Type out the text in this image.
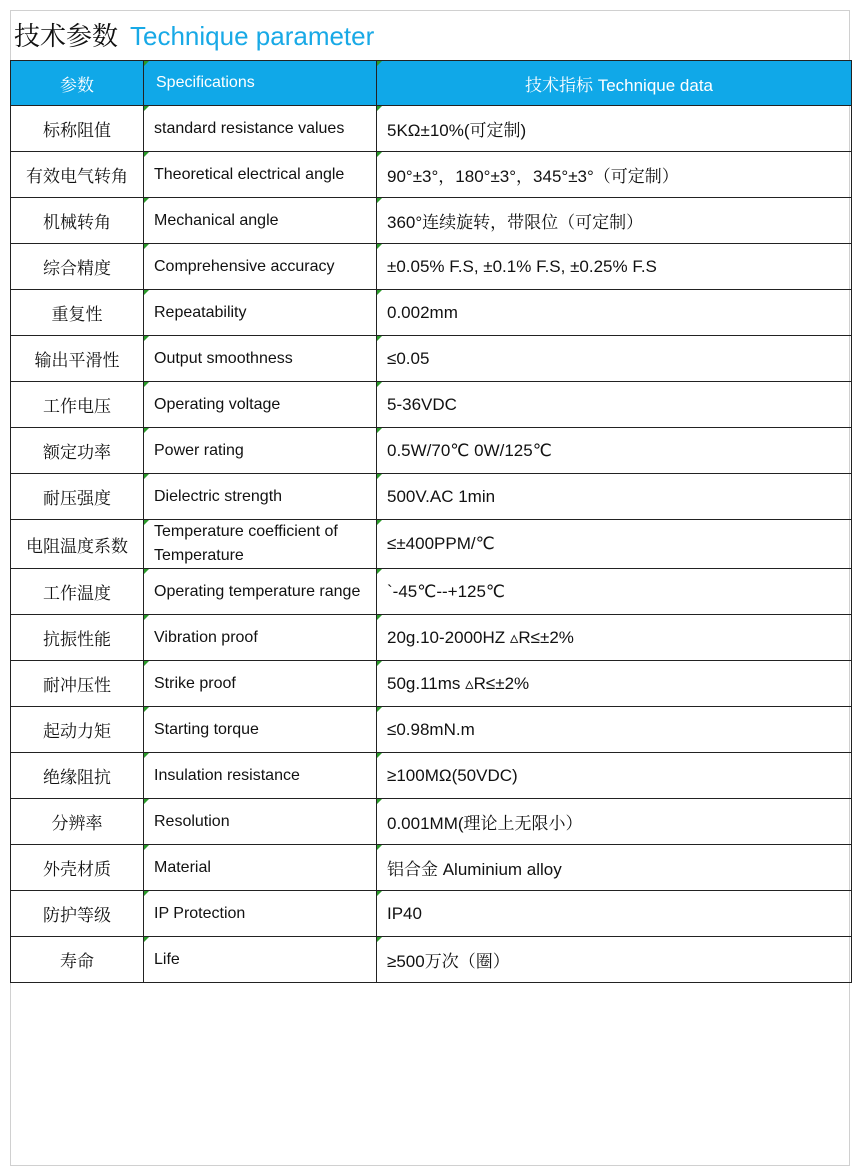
技术参数 Technique parameter
参数	Specifications	技术指标 Technique data

标称阻值	standard resistance values	5KΩ±10%(可定制)

有效电气转角	Theoretical electrical angle	90°±3°，180°±3°，345°±3°（可定制）

机械转角	Mechanical angle	360°连续旋转，带限位（可定制）

综合精度	Comprehensive accuracy	±0.05% F.S, ±0.1% F.S, ±0.25% F.S

重复性	Repeatability	0.002mm

输出平滑性	Output smoothness	≤0.05

工作电压	Operating voltage	5-36VDC

额定功率	Power rating	0.5W/70℃ 0W/125℃

耐压强度	Dielectric strength	500V.AC 1min

电阻温度系数	Temperature coefficient of Temperature	≤±400PPM/℃

工作温度	Operating temperature range	`-45℃--+125℃

抗振性能	Vibration proof	20g.10-2000HZ ▵R≤±2%

耐冲压性	Strike proof	50g.11ms ▵R≤±2%

起动力矩	Starting torque	≤0.98mN.m

绝缘阻抗	Insulation resistance	≥100MΩ(50VDC)

分辨率	Resolution	0.001MM(理论上无限小）

外壳材质	Material	铝合金 Aluminium alloy

防护等级	IP Protection	IP40

寿命	Life	≥500万次（圈）
